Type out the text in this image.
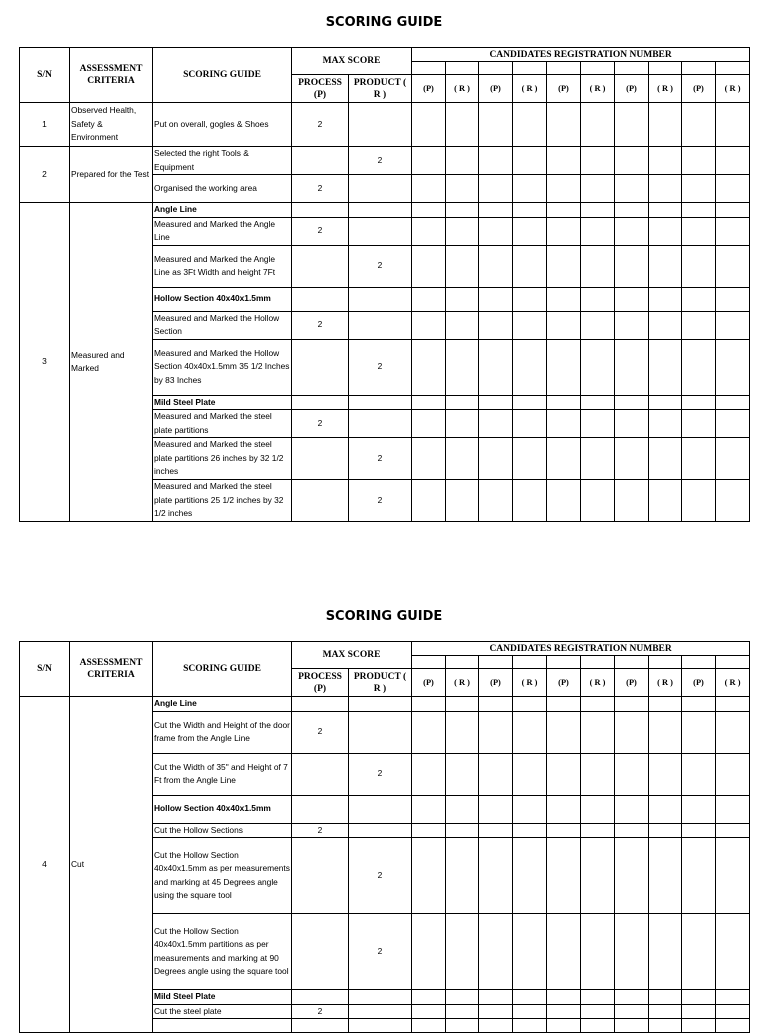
SCORING GUIDE
S/N	ASSESSMENT CRITERIA	SCORING GUIDE	MAX SCORE		CANDIDATES REGISTRATION NUMBER									

			PROCESS (P)	PRODUCT ( R )	(P)	( R )	(P)	( R )	(P)	( R )	(P)	( R )	(P)	( R )
1	Observed Health, Safety & Environment	Put on overall, gogles & Shoes	2											
2	Prepared for the Test	Selected the right Tools & Equipment		2										
		Organised the working area	2											
3	Measured and Marked	Angle Line												
		Measured and Marked the Angle Line	2											
		Measured and Marked the Angle Line as 3Ft Width and height 7Ft		2										
		Hollow Section 40x40x1.5mm												
		Measured and Marked the Hollow Section	2											
		Measured and Marked the Hollow Section 40x40x1.5mm 35 1/2 Inches by 83 Inches		2										
		Mild Steel Plate												
		Measured and Marked the steel plate partitions	2											
		Measured and Marked the steel plate partitions 26 inches by 32 1/2 inches		2										
		Measured and Marked the steel plate partitions 25 1/2 inches by 32 1/2 inches		2										
SCORING GUIDE
S/N	ASSESSMENT CRITERIA	SCORING GUIDE	MAX SCORE		CANDIDATES REGISTRATION NUMBER									

			PROCESS (P)	PRODUCT ( R )	(P)	( R )	(P)	( R )	(P)	( R )	(P)	( R )	(P)	( R )
4	Cut	Angle Line												
		Cut the Width and Height of the door frame from the Angle Line	2											
		Cut the Width of 35" and Height of 7 Ft from the Angle Line		2										
		Hollow Section 40x40x1.5mm												
		Cut the Hollow Sections	2											
		Cut the Hollow Section 40x40x1.5mm as per measurements and marking at 45 Degrees angle using the square tool		2										
		Cut the Hollow Section 40x40x1.5mm partitions as per measurements and marking at 90 Degrees angle using the square tool		2										
		Mild Steel Plate												
		Cut the steel plate	2											
